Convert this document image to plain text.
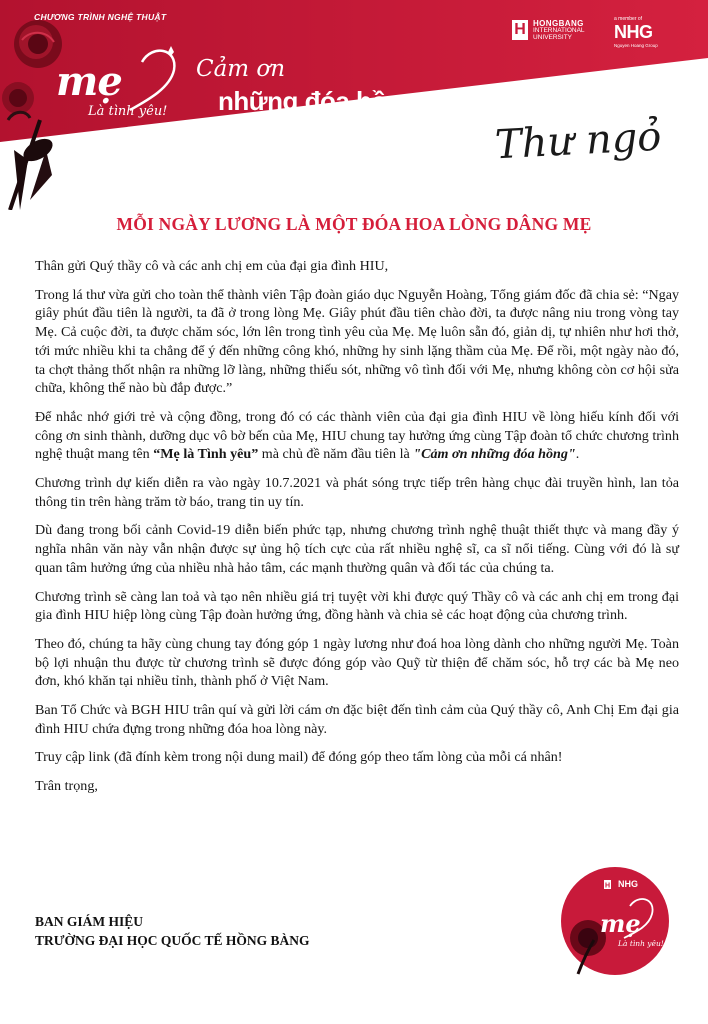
CHƯƠNG TRÌNH NGHỆ THUẬT
mẹ
Là tình yêu!
Cảm ơn
những đóa hồng
H HONGBANG
INTERNATIONAL
UNIVERSITY
a member of
NHG
Nguyen Hoang Group
Thư ngỏ
MỖI NGÀY LƯƠNG LÀ MỘT ĐÓA HOA LÒNG DÂNG MẸ

Thân gửi Quý thầy cô và các anh chị em của đại gia đình HIU,

Trong lá thư vừa gửi cho toàn thể thành viên Tập đoàn giáo dục Nguyễn Hoàng, Tổng giám đốc đã chia sẻ: “Ngay giây phút đầu tiên là người, ta đã ở trong lòng Mẹ. Giây phút đầu tiên chào đời, ta được nâng niu trong vòng tay Mẹ. Cả cuộc đời, ta được chăm sóc, lớn lên trong tình yêu của Mẹ. Mẹ luôn sẵn đó, giản dị, tự nhiên như hơi thở, tới mức nhiều khi ta chẳng để ý đến những công khó, những hy sinh lặng thầm của Mẹ. Để rồi, một ngày nào đó, ta chợt thảng thốt nhận ra những lỡ làng, những thiếu sót, những vô tình đối với Mẹ, nhưng không còn cơ hội sửa chữa, không thể nào bù đắp được.”

Để nhắc nhớ giới trẻ và cộng đồng, trong đó có các thành viên của đại gia đình HIU về lòng hiếu kính đối với công ơn sinh thành, dưỡng dục vô bờ bến của Mẹ, HIU chung tay hưởng ứng cùng Tập đoàn tổ chức chương trình nghệ thuật mang tên “Mẹ là Tình yêu” mà chủ đề năm đầu tiên là "Cảm ơn những đóa hồng".

Chương trình dự kiến diễn ra vào ngày 10.7.2021 và phát sóng trực tiếp trên hàng chục đài truyền hình, lan tỏa thông tin trên hàng trăm tờ báo, trang tin uy tín.

Dù đang trong bối cảnh Covid-19 diễn biến phức tạp, nhưng chương trình nghệ thuật thiết thực và mang đầy ý nghĩa nhân văn này vẫn nhận được sự ủng hộ tích cực của rất nhiều nghệ sĩ, ca sĩ nổi tiếng. Cùng với đó là sự quan tâm hưởng ứng của nhiều nhà hảo tâm, các mạnh thường quân và đối tác của chúng ta.

Chương trình sẽ càng lan toả và tạo nên nhiều giá trị tuyệt vời khi được quý Thầy cô và các anh chị em trong đại gia đình HIU hiệp lòng cùng Tập đoàn hưởng ứng, đồng hành và chia sẻ các hoạt động của chương trình.

Theo đó, chúng ta hãy cùng chung tay đóng góp 1 ngày lương như đoá hoa lòng dành cho những người Mẹ. Toàn bộ lợi nhuận thu được từ chương trình sẽ được đóng góp vào Quỹ từ thiện để chăm sóc, hỗ trợ các bà Mẹ neo đơn, khó khăn tại nhiều tỉnh, thành phố ở Việt Nam.

Ban Tổ Chức và BGH HIU trân quí và gửi lời cám ơn đặc biệt đến tình cảm của Quý thầy cô, Anh Chị Em đại gia đình HIU chứa đựng trong những đóa hoa lòng này.

Truy cập link (đã đính kèm trong nội dung mail) để đóng góp theo tấm lòng của mỗi cá nhân!

Trân trọng,

BAN GIÁM HIỆU
TRƯỜNG ĐẠI HỌC QUỐC TẾ HỒNG BÀNG
H NHG
mẹ
Là tình yêu!
